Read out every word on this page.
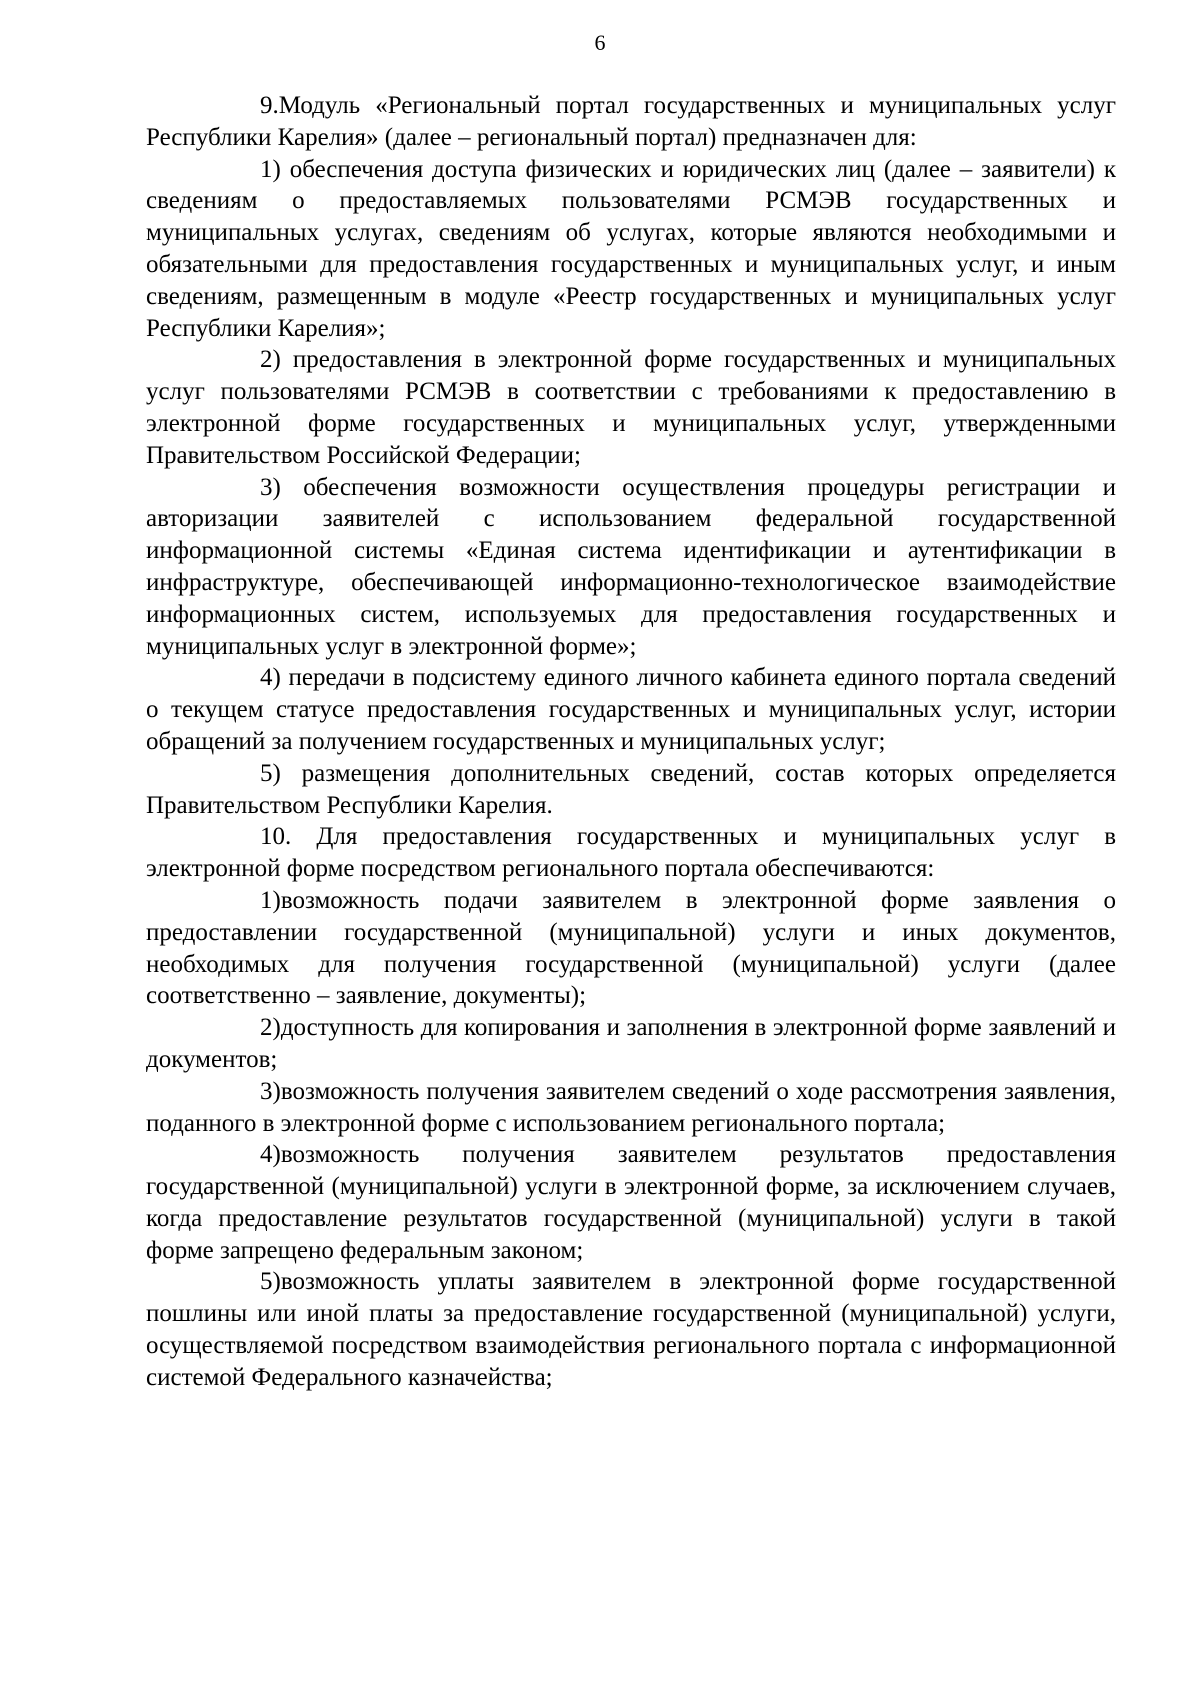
6

9.Модуль «Региональный портал государственных и муниципальных услуг Республики Карелия» (далее – региональный портал) предназначен для:

1) обеспечения доступа физических и юридических лиц (далее – заявители) к сведениям о предоставляемых пользователями РСМЭВ государственных и муниципальных услугах, сведениям об услугах, которые являются необходимыми и обязательными для предоставления государственных и муниципальных услуг, и иным сведениям, размещенным в модуле «Реестр государственных и муниципальных услуг Республики Карелия»;

2) предоставления в электронной форме государственных и муниципальных услуг пользователями РСМЭВ в соответствии с требованиями к предоставлению в электронной форме государственных и муниципальных услуг, утвержденными Правительством Российской Федерации;

3) обеспечения возможности осуществления процедуры регистрации и авторизации заявителей с использованием федеральной государственной информационной системы «Единая система идентификации и аутентификации в инфраструктуре, обеспечивающей информационно-технологическое взаимодействие информационных систем, используемых для предоставления государственных и муниципальных услуг в электронной форме»;

4) передачи в подсистему единого личного кабинета единого портала сведений о текущем статусе предоставления государственных и муниципальных услуг, истории обращений за получением государственных и муниципальных услуг;

5) размещения дополнительных сведений, состав которых определяется Правительством Республики Карелия.

10. Для предоставления государственных и муниципальных услуг в электронной форме посредством регионального портала обеспечиваются:

1)возможность подачи заявителем в электронной форме заявления о предоставлении государственной (муниципальной) услуги и иных документов, необходимых для получения государственной (муниципальной) услуги (далее соответственно – заявление, документы);

2)доступность для копирования и заполнения в электронной форме заявлений и документов;

3)возможность получения заявителем сведений о ходе рассмотрения заявления, поданного в электронной форме с использованием регионального портала;

4)возможность получения заявителем результатов предоставления государственной (муниципальной) услуги в электронной форме, за исключением случаев, когда предоставление результатов государственной (муниципальной) услуги в такой форме запрещено федеральным законом;

5)возможность уплаты заявителем в электронной форме государственной пошлины или иной платы за предоставление государственной (муниципальной) услуги, осуществляемой посредством взаимодействия регионального портала с информационной системой Федерального казначейства;
